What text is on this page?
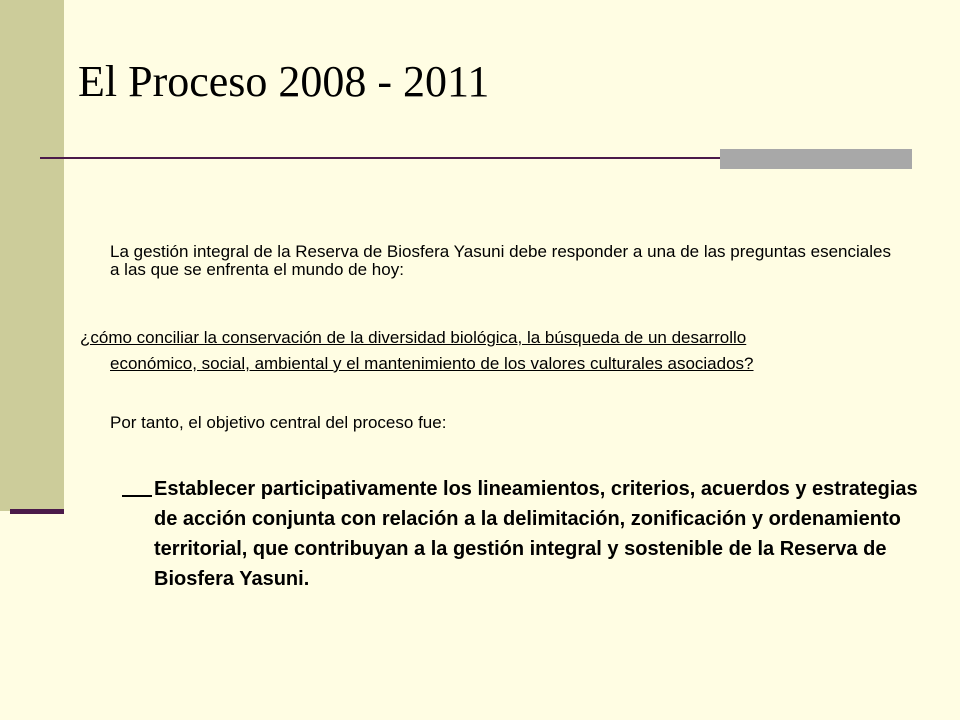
El Proceso 2008 - 2011
La gestión integral de la Reserva de Biosfera Yasuni debe responder a una de las preguntas esenciales a las que se enfrenta el mundo de hoy:
¿cómo conciliar la conservación de la diversidad biológica, la búsqueda de un desarrollo
económico, social, ambiental y el mantenimiento de los valores culturales asociados?
Por tanto, el objetivo central del proceso fue:
Establecer participativamente los lineamientos, criterios, acuerdos y estrategias de acción conjunta con relación a la delimitación, zonificación y ordenamiento territorial, que contribuyan a la gestión integral y sostenible de la Reserva de Biosfera Yasuni.
